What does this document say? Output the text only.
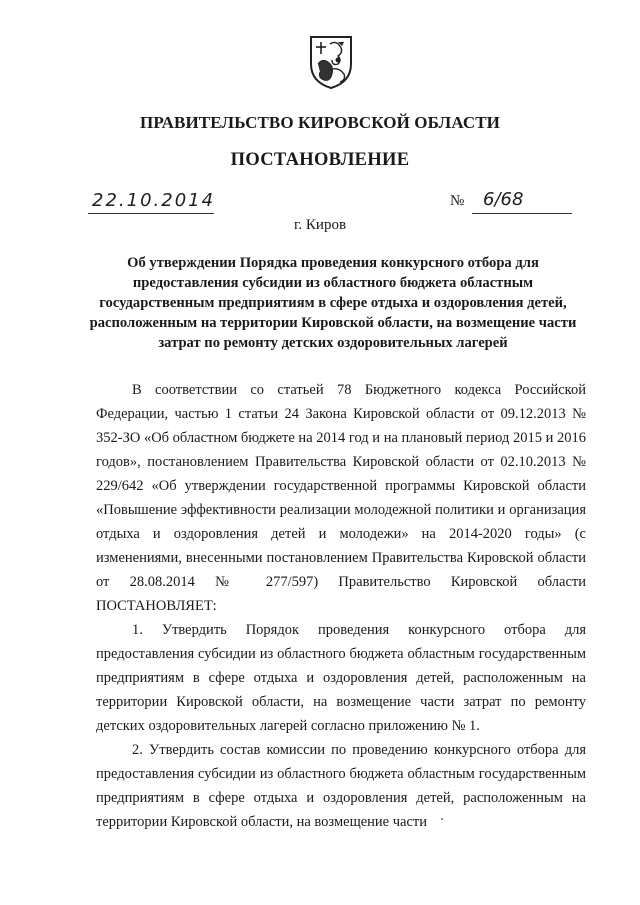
ПРАВИТЕЛЬСТВО КИРОВСКОЙ ОБЛАСТИ
ПОСТАНОВЛЕНИЕ
22.10.2014	№ 6/68
г. Киров
Об утверждении Порядка проведения конкурсного отбора для предоставления субсидии из областного бюджета областным государственным предприятиям в сфере отдыха и оздоровления детей, расположенным на территории Кировской области, на возмещение части затрат по ремонту детских оздоровительных лагерей

В соответствии со статьей 78 Бюджетного кодекса Российской Федерации, частью 1 статьи 24 Закона Кировской области от 09.12.2013 № 352-ЗО «Об областном бюджете на 2014 год и на плановый период 2015 и 2016 годов», постановлением Правительства Кировской области от 02.10.2013 № 229/642 «Об утверждении государственной программы Кировской области «Повышение эффективности реализации молодежной политики и организация отдыха и оздоровления детей и молодежи» на 2014-2020 годы» (с изменениями, внесенными постановлением Правительства Кировской области от 28.08.2014 № 277/597) Правительство Кировской области ПОСТАНОВЛЯЕТ:

1. Утвердить Порядок проведения конкурсного отбора для предоставления субсидии из областного бюджета областным государственным предприятиям в сфере отдыха и оздоровления детей, расположенным на территории Кировской области, на возмещение части затрат по ремонту детских оздоровительных лагерей согласно приложению № 1.

2. Утвердить состав комиссии по проведению конкурсного отбора для предоставления субсидии из областного бюджета областным государственным предприятиям в сфере отдыха и оздоровления детей, расположенным на территории Кировской области, на возмещение части
